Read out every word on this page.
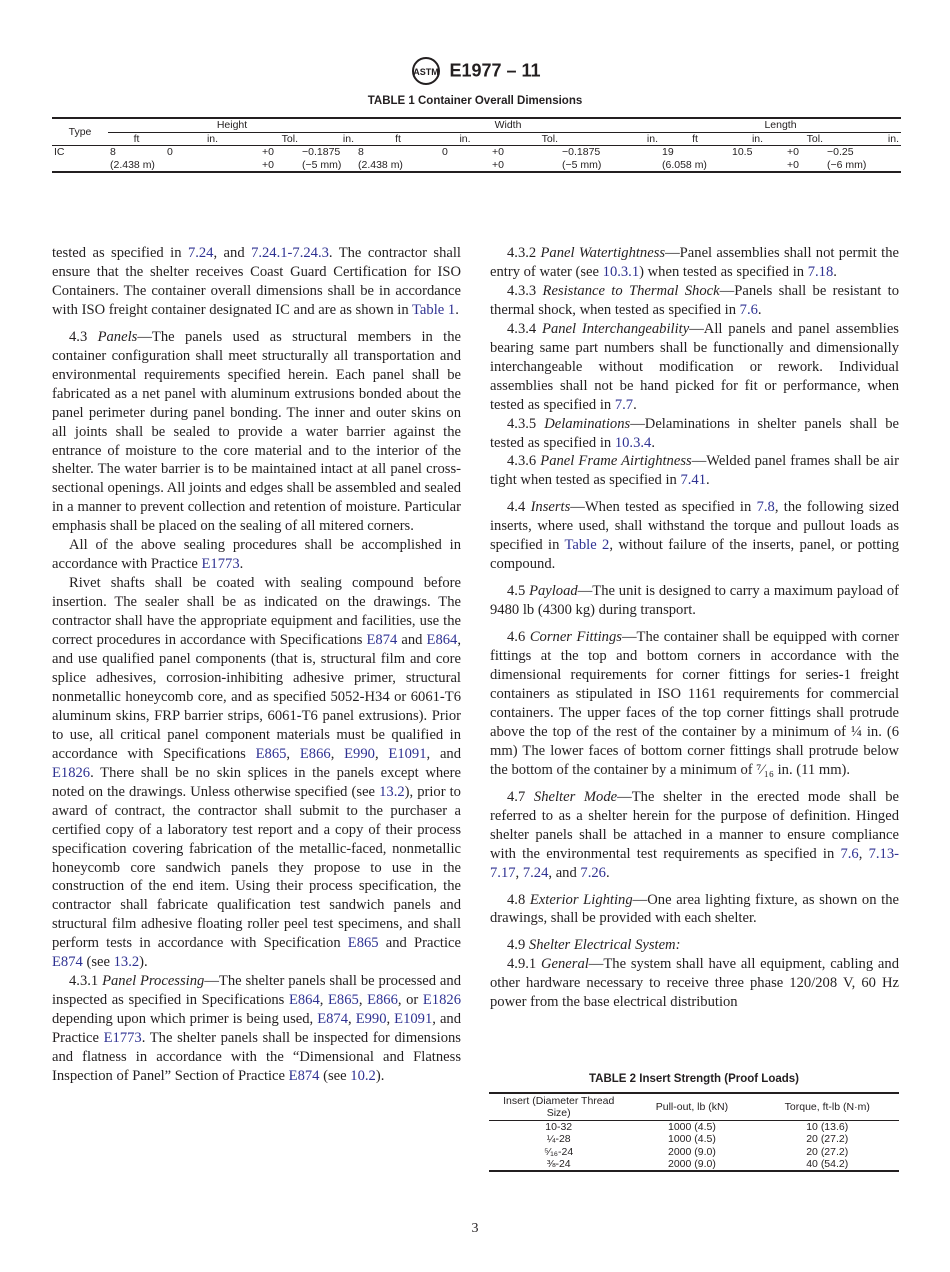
ASTM E1977 – 11
TABLE 1 Container Overall Dimensions
Type	Height				Width				Length			
	ft	in.	Tol.	in.	ft	in.	Tol.	in.	ft	in.	Tol.	in.
IC	8	0	+0	−0.1875	8	0	+0	−0.1875	19	10.5	+0	−0.25
	(2.438 m)		+0	(−5 mm)	(2.438 m)		+0	(−5 mm)	(6.058 m)		+0	(−6 mm)

tested as specified in 7.24, and 7.24.1-7.24.3. The contractor shall ensure that the shelter receives Coast Guard Certification for ISO Containers. The container overall dimensions shall be in accordance with ISO freight container designated IC and are as shown in Table 1.

4.3 Panels—The panels used as structural members in the container configuration shall meet structurally all transportation and environmental requirements specified herein. Each panel shall be fabricated as a net panel with aluminum extrusions bonded about the panel perimeter during panel bonding. The inner and outer skins on all joints shall be sealed to provide a water barrier against the entrance of moisture to the core material and to the interior of the shelter. The water barrier is to be maintained intact at all panel cross-sectional openings. All joints and edges shall be assembled and sealed in a manner to prevent collection and retention of moisture. Particular emphasis shall be placed on the sealing of all mitered corners.

All of the above sealing procedures shall be accomplished in accordance with Practice E1773.

Rivet shafts shall be coated with sealing compound before insertion. The sealer shall be as indicated on the drawings. The contractor shall have the appropriate equipment and facilities, use the correct procedures in accordance with Specifications E874 and E864, and use qualified panel components (that is, structural film and core splice adhesives, corrosion-inhibiting adhesive primer, structural nonmetallic honeycomb core, and as specified 5052-H34 or 6061-T6 aluminum skins, FRP barrier strips, 6061-T6 panel extrusions). Prior to use, all critical panel component materials must be qualified in accordance with Specifications E865, E866, E990, E1091, and E1826. There shall be no skin splices in the panels except where noted on the drawings. Unless otherwise specified (see 13.2), prior to award of contract, the contractor shall submit to the purchaser a certified copy of a laboratory test report and a copy of their process specification covering fabrication of the metallic-faced, nonmetallic honeycomb core sandwich panels they propose to use in the construction of the end item. Using their process specification, the contractor shall fabricate qualification test sandwich panels and structural film adhesive floating roller peel test specimens, and shall perform tests in accordance with Specification E865 and Practice E874 (see 13.2).

4.3.1 Panel Processing—The shelter panels shall be processed and inspected as specified in Specifications E864, E865, E866, or E1826 depending upon which primer is being used, E874, E990, E1091, and Practice E1773. The shelter panels shall be inspected for dimensions and flatness in accordance with the “Dimensional and Flatness Inspection of Panel” Section of Practice E874 (see 10.2).

4.3.2 Panel Watertightness—Panel assemblies shall not permit the entry of water (see 10.3.1) when tested as specified in 7.18.

4.3.3 Resistance to Thermal Shock—Panels shall be resistant to thermal shock, when tested as specified in 7.6.

4.3.4 Panel Interchangeability—All panels and panel assemblies bearing same part numbers shall be functionally and dimensionally interchangeable without modification or rework. Individual assemblies shall not be hand picked for fit or performance, when tested as specified in 7.7.

4.3.5 Delaminations—Delaminations in shelter panels shall be tested as specified in 10.3.4.

4.3.6 Panel Frame Airtightness—Welded panel frames shall be air tight when tested as specified in 7.41.

4.4 Inserts—When tested as specified in 7.8, the following sized inserts, where used, shall withstand the torque and pullout loads as specified in Table 2, without failure of the inserts, panel, or potting compound.

4.5 Payload—The unit is designed to carry a maximum payload of 9480 lb (4300 kg) during transport.

4.6 Corner Fittings—The container shall be equipped with corner fittings at the top and bottom corners in accordance with the dimensional requirements for corner fittings for series-1 freight containers as stipulated in ISO 1161 requirements for commercial containers. The upper faces of the top corner fittings shall protrude above the top of the rest of the container by a minimum of ¼ in. (6 mm) The lower faces of bottom corner fittings shall protrude below the bottom of the container by a minimum of ⁷⁄₁₆ in. (11 mm).

4.7 Shelter Mode—The shelter in the erected mode shall be referred to as a shelter herein for the purpose of definition. Hinged shelter panels shall be attached in a manner to ensure compliance with the environmental test requirements as specified in 7.6, 7.13-7.17, 7.24, and 7.26.

4.8 Exterior Lighting—One area lighting fixture, as shown on the drawings, shall be provided with each shelter.

4.9 Shelter Electrical System:

4.9.1 General—The system shall have all equipment, cabling and other hardware necessary to receive three phase 120/208 V, 60 Hz power from the base electrical distribution

TABLE 2 Insert Strength (Proof Loads)
Insert (Diameter Thread Size)	Pull-out, lb (kN)	Torque, ft-lb (N·m)
10-32	1000 (4.5)	10 (13.6)
¼-28	1000 (4.5)	20 (27.2)
⁵⁄₁₆-24	2000 (9.0)	20 (27.2)
⅜-24	2000 (9.0)	40 (54.2)
3
